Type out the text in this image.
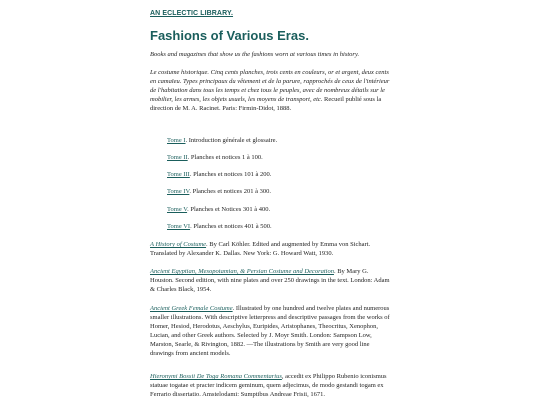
AN ECLECTIC LIBRARY.
Fashions of Various Eras.

Books and magazines that show us the fashions worn at various times in history.

Le costume historique. Cinq cents planches, trois cents en couleurs, or et argent, deux cents en camaïeu. Types principaux du vêtement et de la parure, rapprochés de ceux de l'intérieur de l'habitation dans tous les temps et chez tous le peuples, avec de nombreux détails sur le mobilier, les armes, les objets usuels, les moyens de transport, etc. Recueil publié sous la direction de M. A. Racinet. Paris: Firmin-Didot, 1888.

Tome I. Introduction générale et glossaire.

Tome II. Planches et notices 1 à 100.

Tome III. Planches et notices 101 à 200.

Tome IV. Planches et notices 201 à 300.

Tome V. Planches et Notices 301 à 400.

Tome VI. Planches et notices 401 à 500.

A History of Costume. By Carl Köhler. Edited and augmented by Emma von Sichart. Translated by Alexander K. Dallas. New York: G. Howard Watt, 1930.

Ancient Egyptian, Mesopotamian, & Persian Costume and Decoration. By Mary G. Houston. Second edition, with nine plates and over 250 drawings in the text. London: Adam & Charles Black, 1954.

Ancient Greek Female Costume. Illustrated by one hundred and twelve plates and numerous smaller illustrations. With descriptive letterpress and descriptive passages from the works of Homer, Hesiod, Herodotus, Aeschylus, Euripides, Aristophanes, Theocritus, Xenophon, Lucian, and other Greek authors. Selected by J. Moyr Smith. London: Sampson Low, Marston, Searle, & Rivington, 1882. —The illustrations by Smith are very good line drawings from ancient models.

Hieronymi Bossii De Toga Romana Commentarius, accedit ex Philippo Rubenio iconismus statuae togatae et practer indicem geminum, quem adjecimus, de modo gestandi togam ex Ferrario dissertatio. Amstelodami: Sumptibus Andreae Frisii, 1671.
